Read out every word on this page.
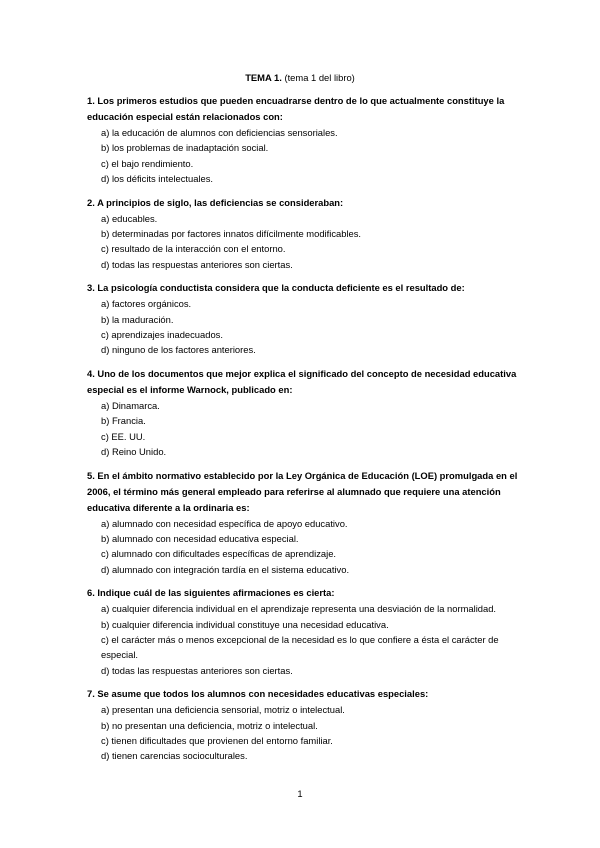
TEMA 1. (tema 1 del libro)
1. Los primeros estudios que pueden encuadrarse dentro de lo que actualmente constituye la educación especial están relacionados con:
a) la educación de alumnos con deficiencias sensoriales.
b) los problemas de inadaptación social.
c) el bajo rendimiento.
d) los déficits intelectuales.
2. A principios de siglo, las deficiencias se consideraban:
a) educables.
b) determinadas por factores innatos difícilmente modificables.
c) resultado de la interacción con el entorno.
d) todas las respuestas anteriores son ciertas.
3. La psicología conductista considera que la conducta deficiente es el resultado de:
a) factores orgánicos.
b) la maduración.
c) aprendizajes inadecuados.
d) ninguno de los factores anteriores.
4. Uno de los documentos que mejor explica el significado del concepto de necesidad educativa especial es el informe Warnock, publicado en:
a) Dinamarca.
b) Francia.
c) EE. UU.
d) Reino Unido.
5. En el ámbito normativo establecido por la Ley Orgánica de Educación (LOE) promulgada en el 2006, el término más general empleado para referirse al alumnado que requiere una atención educativa diferente a la ordinaria es:
a) alumnado con necesidad específica de apoyo educativo.
b) alumnado con necesidad educativa especial.
c) alumnado con dificultades específicas de aprendizaje.
d) alumnado con integración tardía en el sistema educativo.
6. Indique cuál de las siguientes afirmaciones es cierta:
a) cualquier diferencia individual en el aprendizaje representa una desviación de la normalidad.
b) cualquier diferencia individual constituye una necesidad educativa.
c) el carácter más o menos excepcional de la necesidad es lo que confiere a ésta el carácter de especial.
d) todas las respuestas anteriores son ciertas.
7. Se asume que todos los alumnos con necesidades educativas especiales:
a) presentan una deficiencia sensorial, motriz o intelectual.
b) no presentan una deficiencia, motriz o intelectual.
c) tienen dificultades que provienen del entorno familiar.
d) tienen carencias socioculturales.
1
